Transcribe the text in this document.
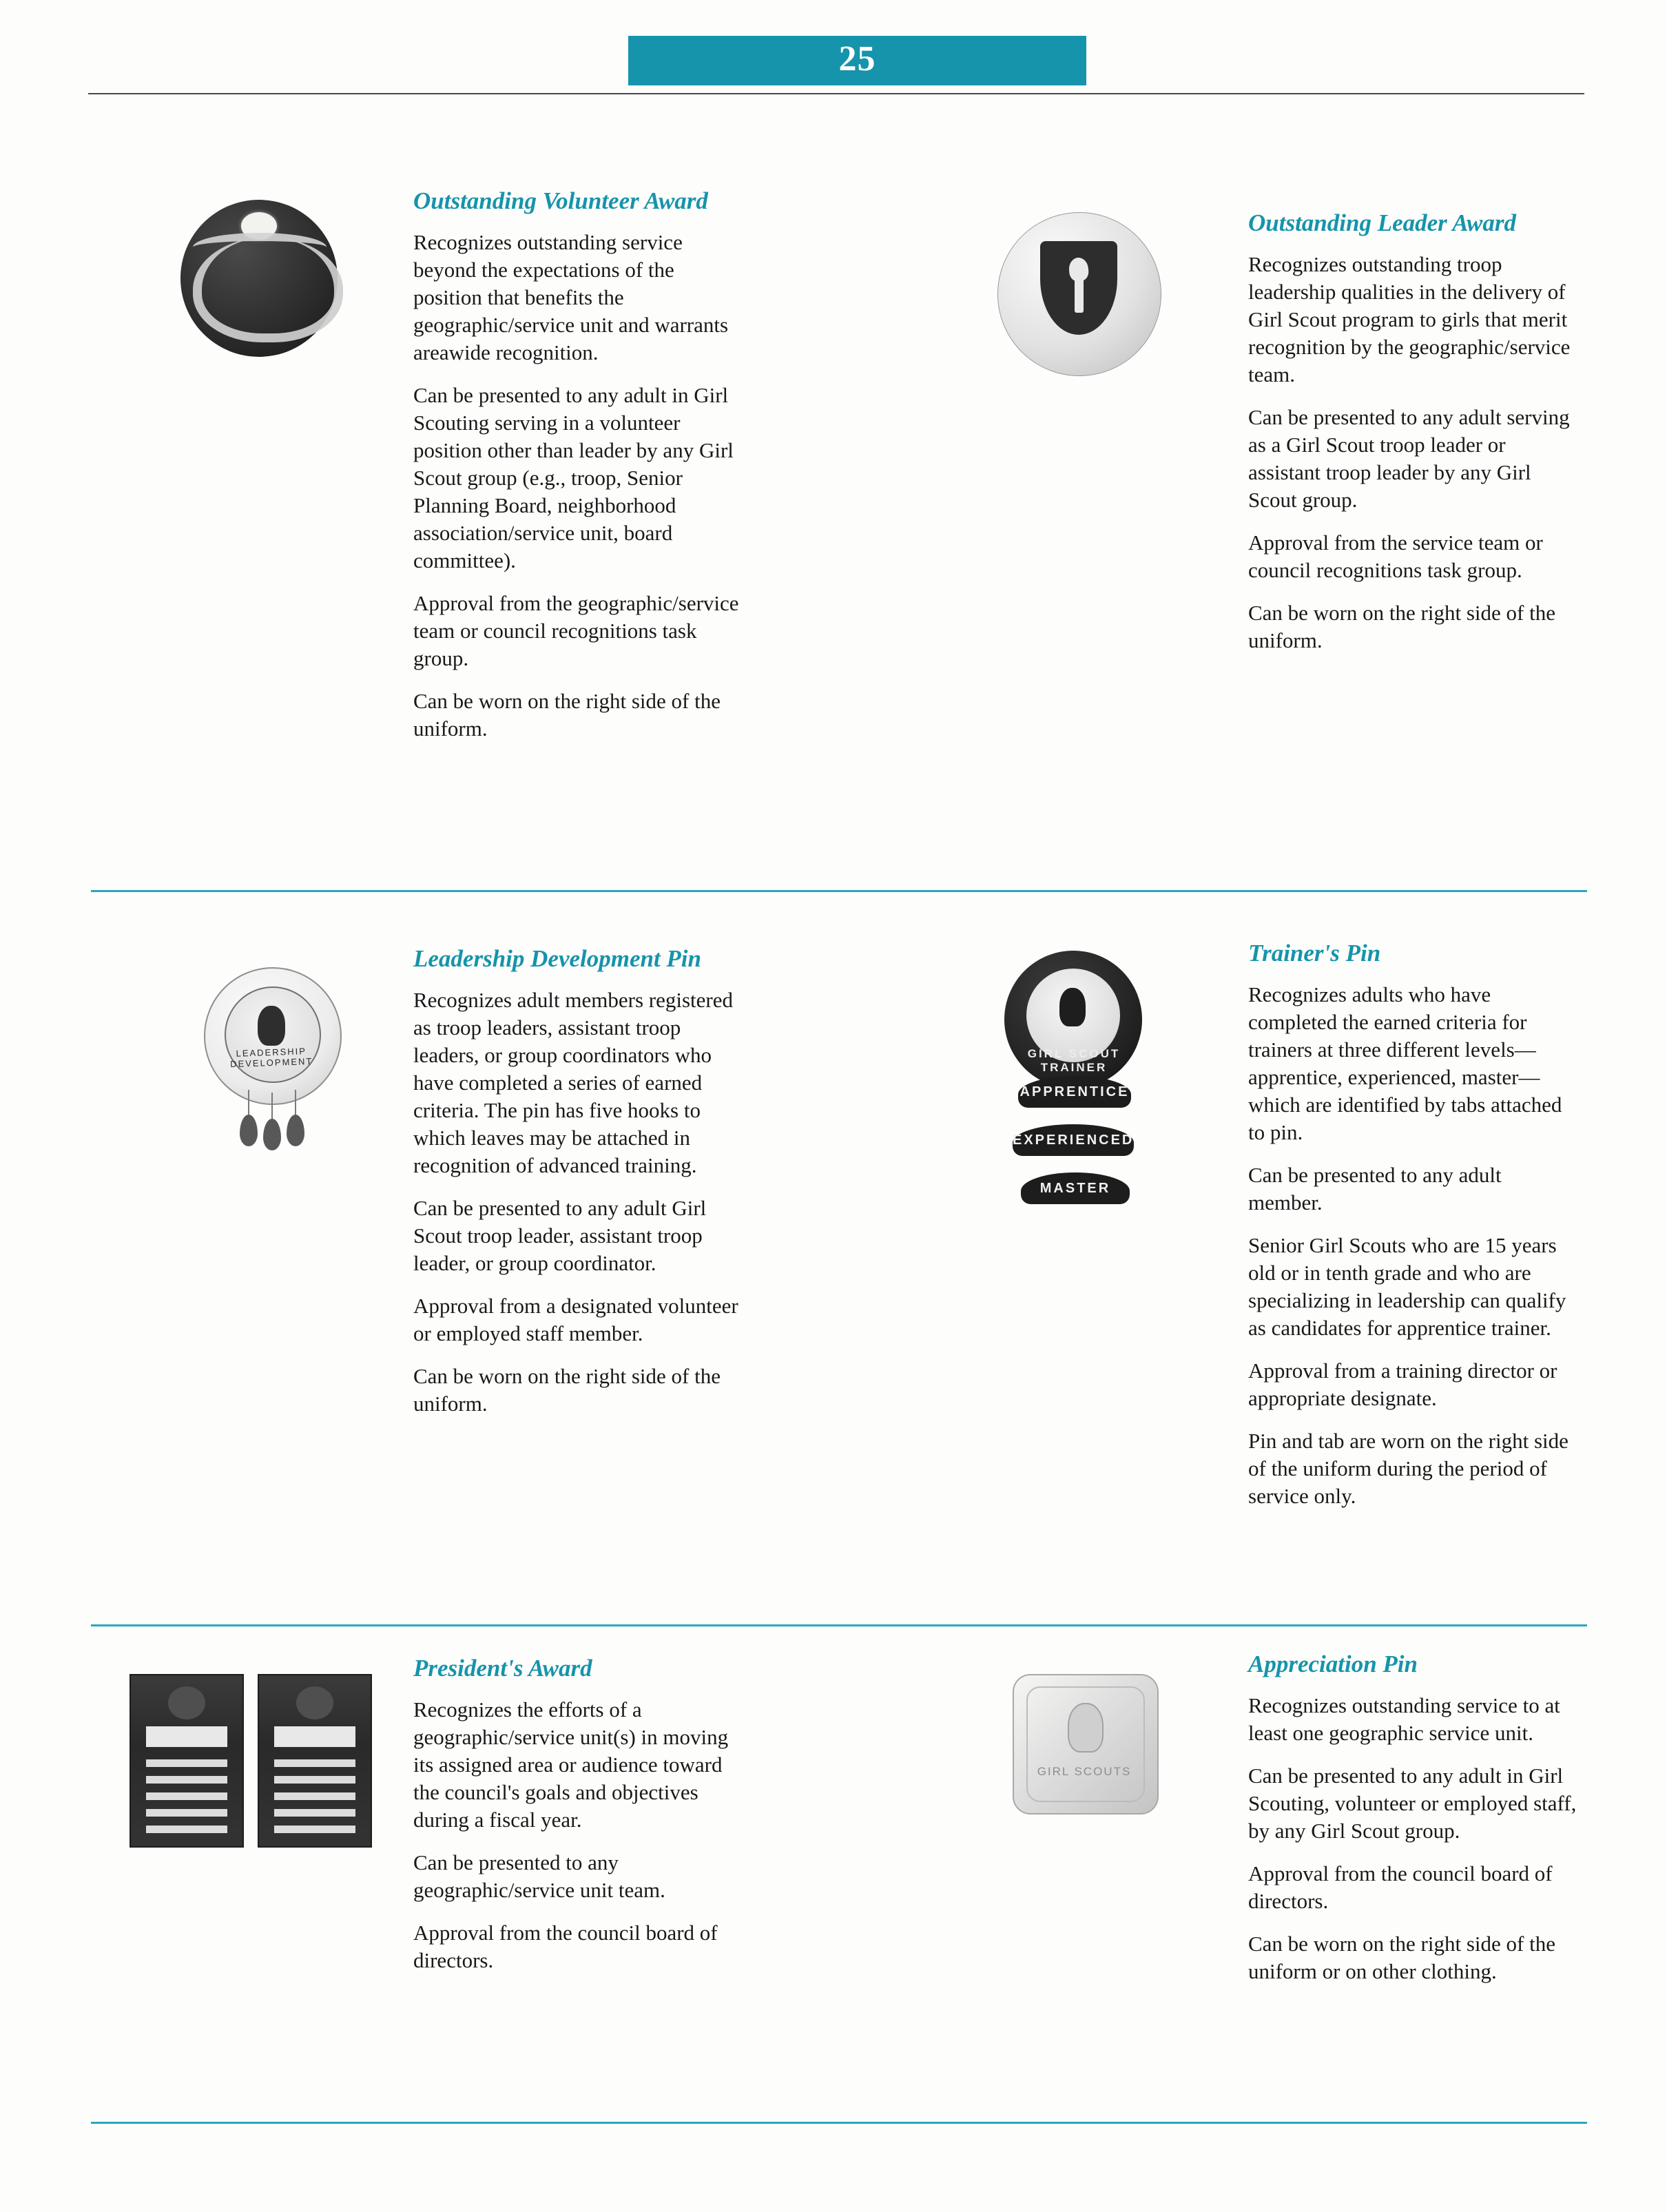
25
Outstanding Volunteer Award

Recognizes outstanding service beyond the expectations of the position that benefits the geographic/service unit and warrants areawide recognition.

Can be presented to any adult in Girl Scouting serving in a volunteer position other than leader by any Girl Scout group (e.g., troop, Senior Planning Board, neighborhood association/service unit, board committee).

Approval from the geographic/service team or council recognitions task group.

Can be worn on the right side of the uniform.

Outstanding Leader Award

Recognizes outstanding troop leadership qualities in the delivery of Girl Scout program to girls that merit recognition by the geographic/service team.

Can be presented to any adult serving as a Girl Scout troop leader or assistant troop leader by any Girl Scout group.

Approval from the service team or council recognitions task group.

Can be worn on the right side of the uniform.

LEADERSHIP DEVELOPMENT
Leadership Development Pin

Recognizes adult members registered as troop leaders, assistant troop leaders, or group coordinators who have completed a series of earned criteria. The pin has five hooks to which leaves may be attached in recognition of advanced training.

Can be presented to any adult Girl Scout troop leader, assistant troop leader, or group coordinator.

Approval from a designated volunteer or employed staff member.

Can be worn on the right side of the uniform.

GIRL SCOUT TRAINER
APPRENTICE
EXPERIENCED
MASTER
Trainer's Pin

Recognizes adults who have completed the earned criteria for trainers at three different levels—apprentice, experienced, master—which are identified by tabs attached to pin.

Can be presented to any adult member.

Senior Girl Scouts who are 15 years old or in tenth grade and who are specializing in leadership can qualify as candidates for apprentice trainer.

Approval from a training director or appropriate designate.

Pin and tab are worn on the right side of the uniform during the period of service only.

President's Award

Recognizes the efforts of a geographic/service unit(s) in moving its assigned area or audience toward the council's goals and objectives during a fiscal year.

Can be presented to any geographic/service unit team.

Approval from the council board of directors.

GIRL SCOUTS
Appreciation Pin

Recognizes outstanding service to at least one geographic service unit.

Can be presented to any adult in Girl Scouting, volunteer or employed staff, by any Girl Scout group.

Approval from the council board of directors.

Can be worn on the right side of the uniform or on other clothing.
